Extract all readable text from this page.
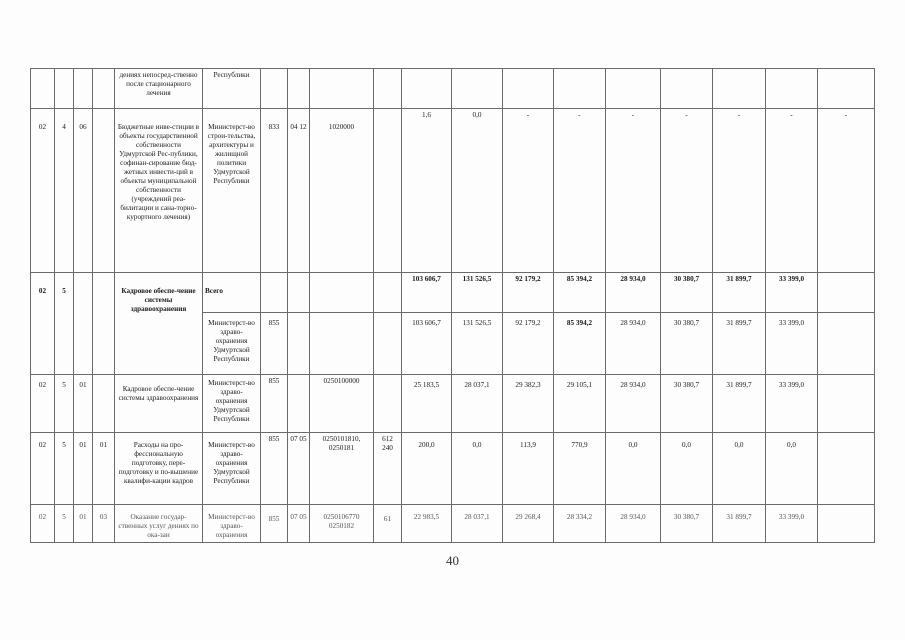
				дениях непосред-ственно после стационарного лечения	Республики													
02	4	06		Бюджетные инве-стиции в объекты государственной собственности Удмуртской Рес-публики, софинан-сирование бюд-жетных инвести-ций в объекты муниципальной собственности (учреждений реа-билитации и сана-торно-курортного лечения)	Министерст-во строи-тельства, архитектуры и жилищной политики Удмуртской Республики	833	04 12	1020000		1,6	0,0	-	-	-	-	-	-	-
02	5			Кадровое обеспе-чение системы здравоохранения	Всего					103 606,7	131 526,5	92 179,2	85 394,2	28 934,0	30 380,7	31 899,7	33 399,0	
					Министерст-во здраво-охранения Удмуртской Республики	855				103 606,7	131 526,5	92 179,2	85 394,2	28 934,0	30 380,7	31 899,7	33 399,0	
02	5	01		Кадровое обеспе-чение системы здравоохранения	Министерст-во здраво-охранения Удмуртской Республики	855		0250100000		25 183,5	28 037,1	29 382,3	29 105,1	28 934,0	30 380,7	31 899,7	33 399,0	
02	5	01	01	Расходы на про-фессиональную подготовку, пере-подготовку и по-вышение квалифи-кации кадров	Министерст-во здраво-охранения Удмуртской Республики	855	07 05	0250101810, 0250181	612 240	200,0	0,0	113,9	770,9	0,0	0,0	0,0	0,0	
02	5	01	03	Оказание государ-ственных услуг дениях по ока-зан	Министерст-во здраво-охранения	855	07 05	0250106770 0250182	61	22 983,5	28 037,1	29 268,4	28 334,2	28 934,0	30 380,7	31 899,7	33 399,0	
40
